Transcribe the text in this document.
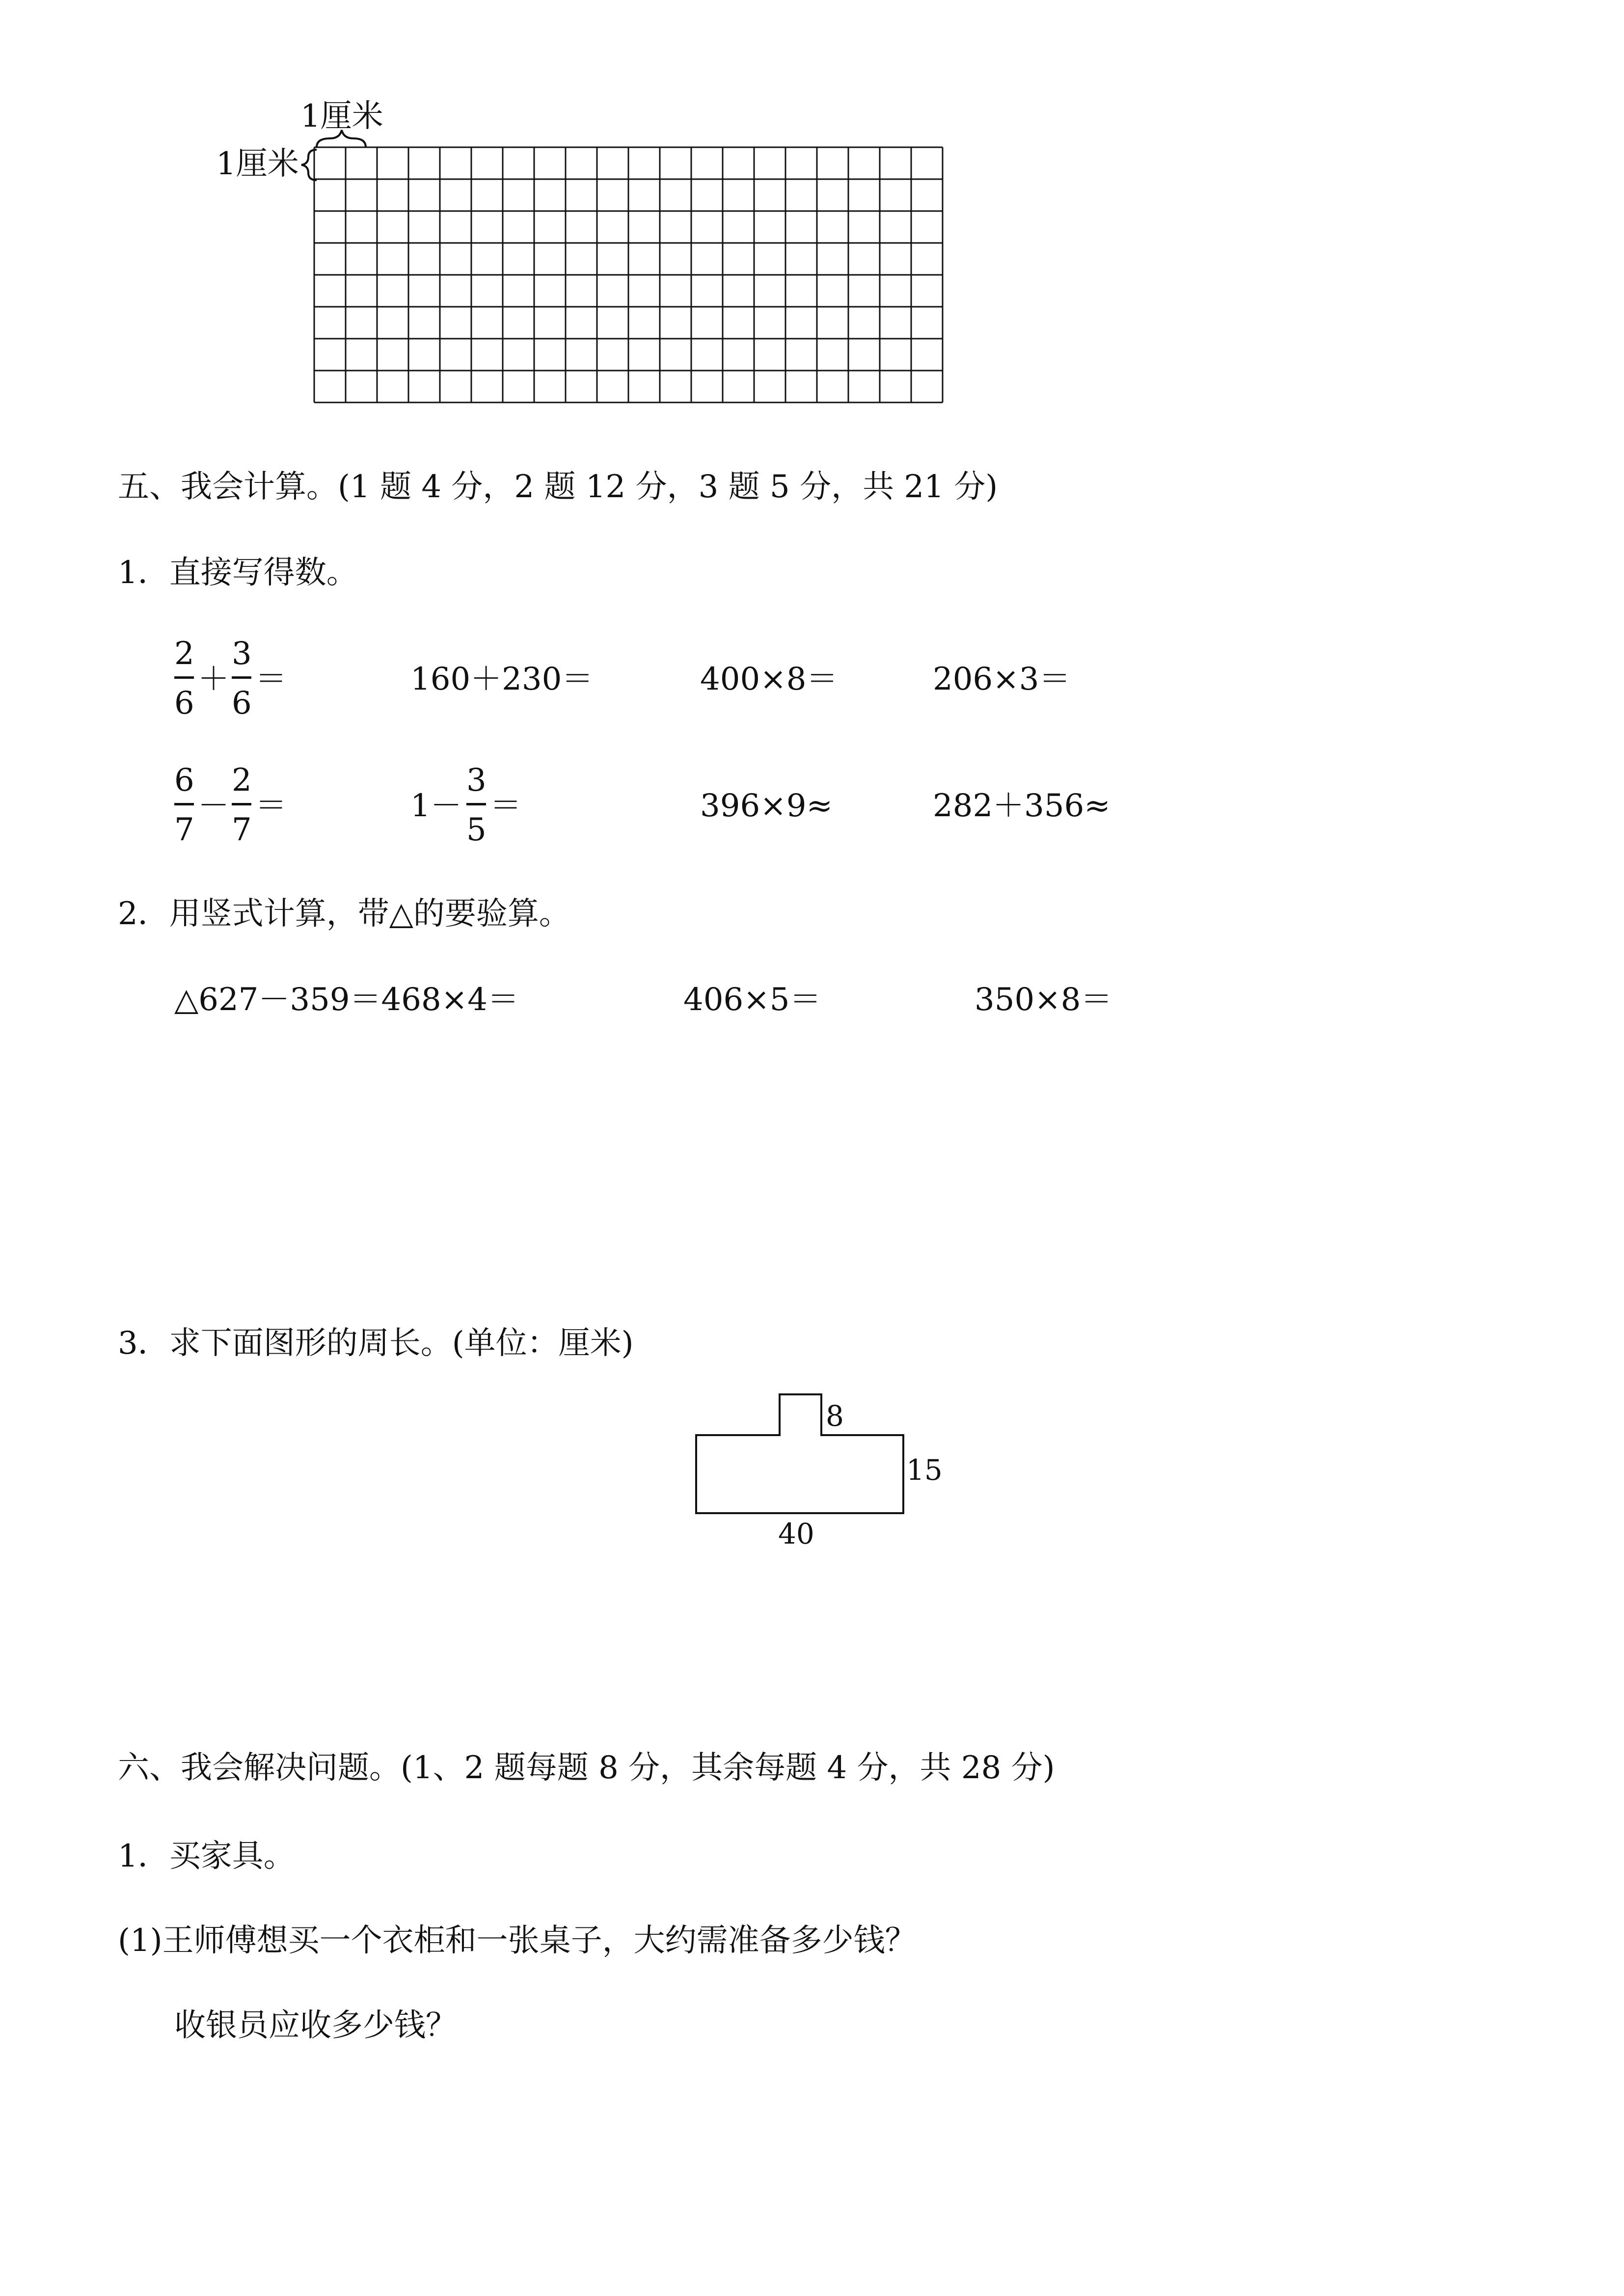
1厘米
1厘米
五、我会计算。(1 题 4 分，2 题 12 分，3 题 5 分，共 21 分)
1．直接写得数。
2
6
＋
3
6
＝	160＋230＝	400×8＝	206×3＝
6
7
－
2
7
＝	1－
3
5
＝	396×9≈	282＋356≈
2．用竖式计算，带△的要验算。
△627－359＝468×4＝	406×5＝	350×8＝
3．求下面图形的周长。(单位：厘米)
8
15
40
六、我会解决问题。(1、2 题每题 8 分，其余每题 4 分，共 28 分)
1．买家具。
(1)王师傅想买一个衣柜和一张桌子，大约需准备多少钱？
收银员应收多少钱？
